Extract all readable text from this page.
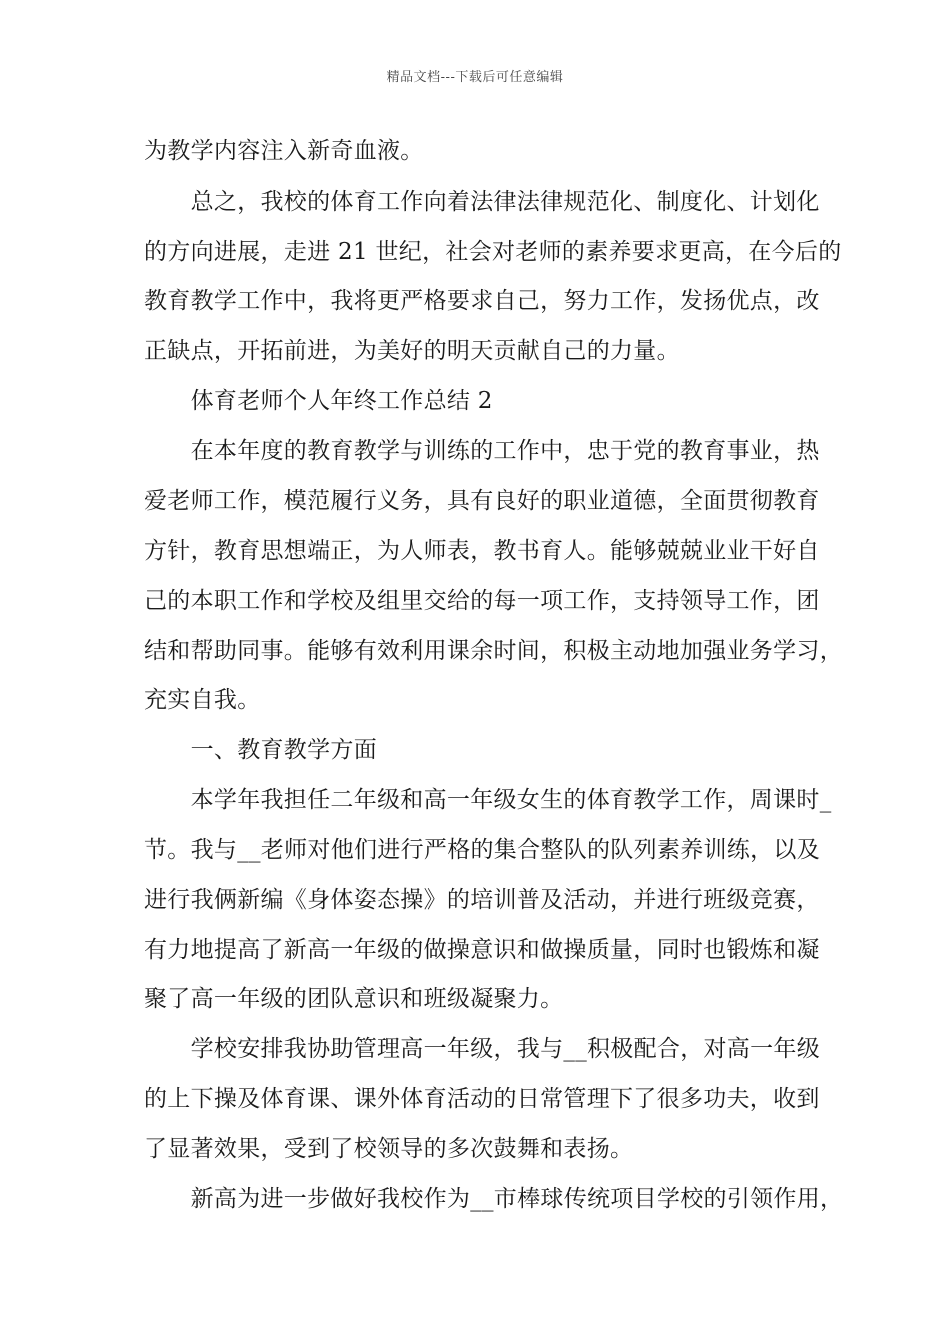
精品文档---下载后可任意编辑
为教学内容注入新奇血液。
　　总之，我校的体育工作向着法律法律规范化、制度化、计划化
的方向进展，走进 21 世纪，社会对老师的素养要求更高，在今后的
教育教学工作中，我将更严格要求自己，努力工作，发扬优点，改
正缺点，开拓前进，为美好的明天贡献自己的力量。
　　体育老师个人年终工作总结 2
　　在本年度的教育教学与训练的工作中，忠于党的教育事业，热
爱老师工作，模范履行义务，具有良好的职业道德，全面贯彻教育
方针，教育思想端正，为人师表，教书育人。能够兢兢业业干好自
己的本职工作和学校及组里交给的每一项工作，支持领导工作，团
结和帮助同事。能够有效利用课余时间，积极主动地加强业务学习，
充实自我。
　　一、教育教学方面
　　本学年我担任二年级和高一年级女生的体育教学工作，周课时_
节。我与__老师对他们进行严格的集合整队的队列素养训练，以及
进行我俩新编《身体姿态操》的培训普及活动，并进行班级竞赛，
有力地提高了新高一年级的做操意识和做操质量，同时也锻炼和凝
聚了高一年级的团队意识和班级凝聚力。
　　学校安排我协助管理高一年级，我与__积极配合，对高一年级
的上下操及体育课、课外体育活动的日常管理下了很多功夫，收到
了显著效果，受到了校领导的多次鼓舞和表扬。
　　新高为进一步做好我校作为__市棒球传统项目学校的引领作用，
